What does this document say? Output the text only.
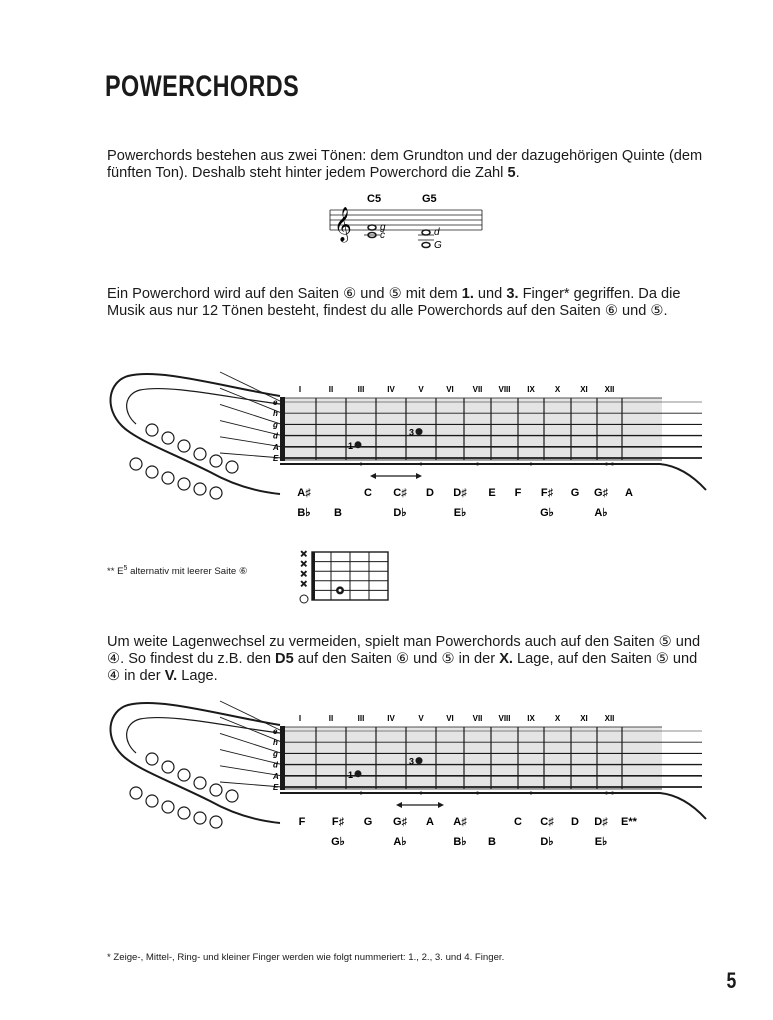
POWERCHORDS

Powerchords bestehen aus zwei Tönen: dem Grundton und der dazugehörigen Quinte (dem fünften Ton). Deshalb steht hinter jedem Powerchord die Zahl 5.

C5	G5
𝄞	g
c	d
G

Ein Powerchord wird auf den Saiten ⑥ und ⑤ mit dem 1. und 3. Finger* gegriffen. Da die Musik aus nur 12 Tönen besteht, findest du alle Powerchords auf den Saiten ⑥ und ⑤.

e
h
g
d
A
E
I	II	III	IV	V	VI VII VIII IX	X	XI XII
1
3
A♯	C C♯ D D♯ E F F♯ G G♯ A
B♭ B	D♭	E♭	G♭	A♭
✕
✕
✕
✕
** $E^5$ alternativ mit leerer Saite ⑥

Um weite Lagenwechsel zu vermeiden, spielt man Powerchords auch auf den Saiten ⑤ und ④. So findest du z.B. den D5 auf den Saiten ⑥ und ⑤ in der X. Lage, auf den Saiten ⑤ und ④ in der V. Lage.

e
h
g
d
A
E
I	II	III	IV	V	VI VII VIII IX	X	XI XII
1
3
F F♯ G G♯ A A♯	C C♯ D D♯ E**
G♭	A♭	B♭ B	D♭	E♭
* Zeige-, Mittel-, Ring- und kleiner Finger werden wie folgt nummeriert: 1., 2., 3. und 4. Finger.
5
